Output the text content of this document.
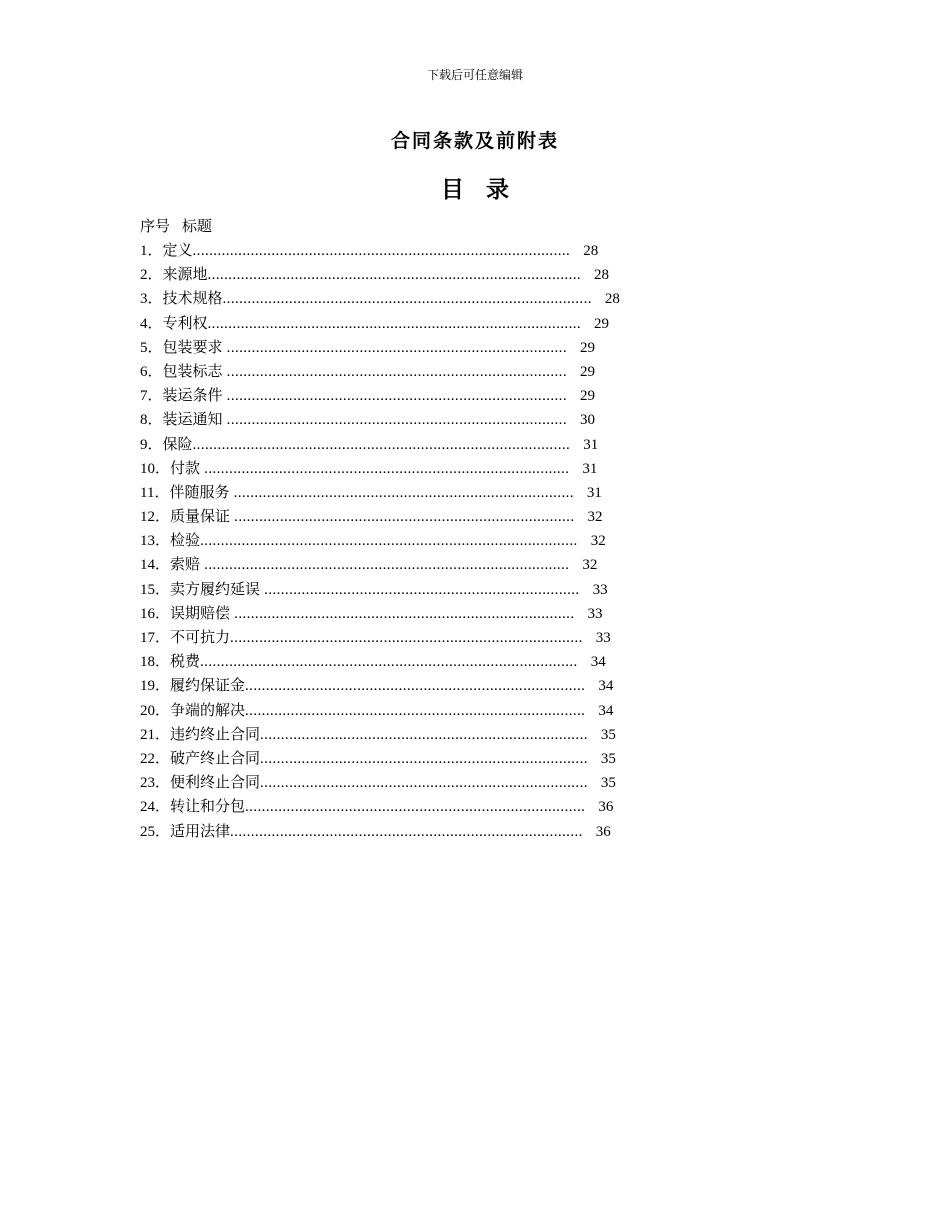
下载后可任意编辑
合同条款及前附表
目 录
序号 标题
1．定义........................................................................................... 28
2．来源地.......................................................................................... 28
3．技术规格......................................................................................... 28
4．专利权.......................................................................................... 29
5．包装要求 .................................................................................. 29
6．包装标志 .................................................................................. 29
7．装运条件 .................................................................................. 29
8．装运通知 .................................................................................. 30
9．保险........................................................................................... 31
10．付款 ........................................................................................ 31
11．伴随服务 .................................................................................. 31
12．质量保证 .................................................................................. 32
13．检验........................................................................................... 32
14．索赔 ........................................................................................ 32
15．卖方履约延误 ............................................................................ 33
16．误期赔偿 .................................................................................. 33
17．不可抗力..................................................................................... 33
18．税费........................................................................................... 34
19．履约保证金.................................................................................. 34
20．争端的解决.................................................................................. 34
21．违约终止合同............................................................................... 35
22．破产终止合同............................................................................... 35
23．便利终止合同............................................................................... 35
24．转让和分包.................................................................................. 36
25．适用法律..................................................................................... 36
